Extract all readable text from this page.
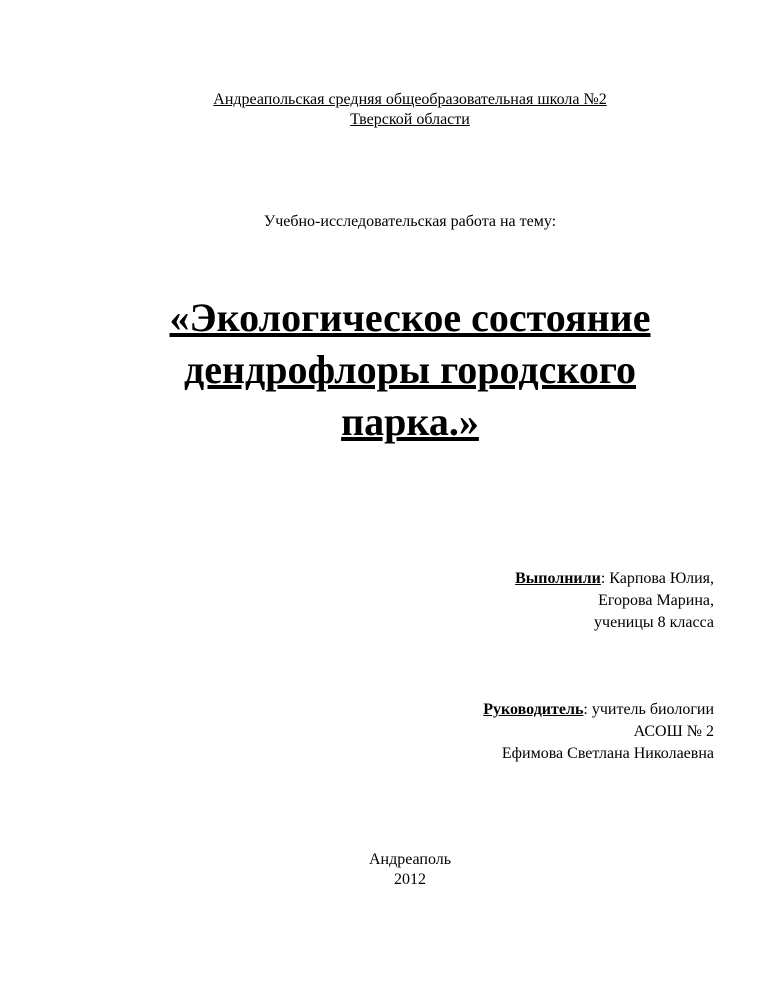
Андреапольская средняя общеобразовательная школа №2
Тверской области
Учебно-исследовательская работа на тему:
«Экологическое состояние
дендрофлоры городского
парка.»
Выполнили: Карпова Юлия,
Егорова Марина,
ученицы 8 класса
Руководитель: учитель биологии
АСОШ № 2
Ефимова Светлана Николаевна
Андреаполь
2012
